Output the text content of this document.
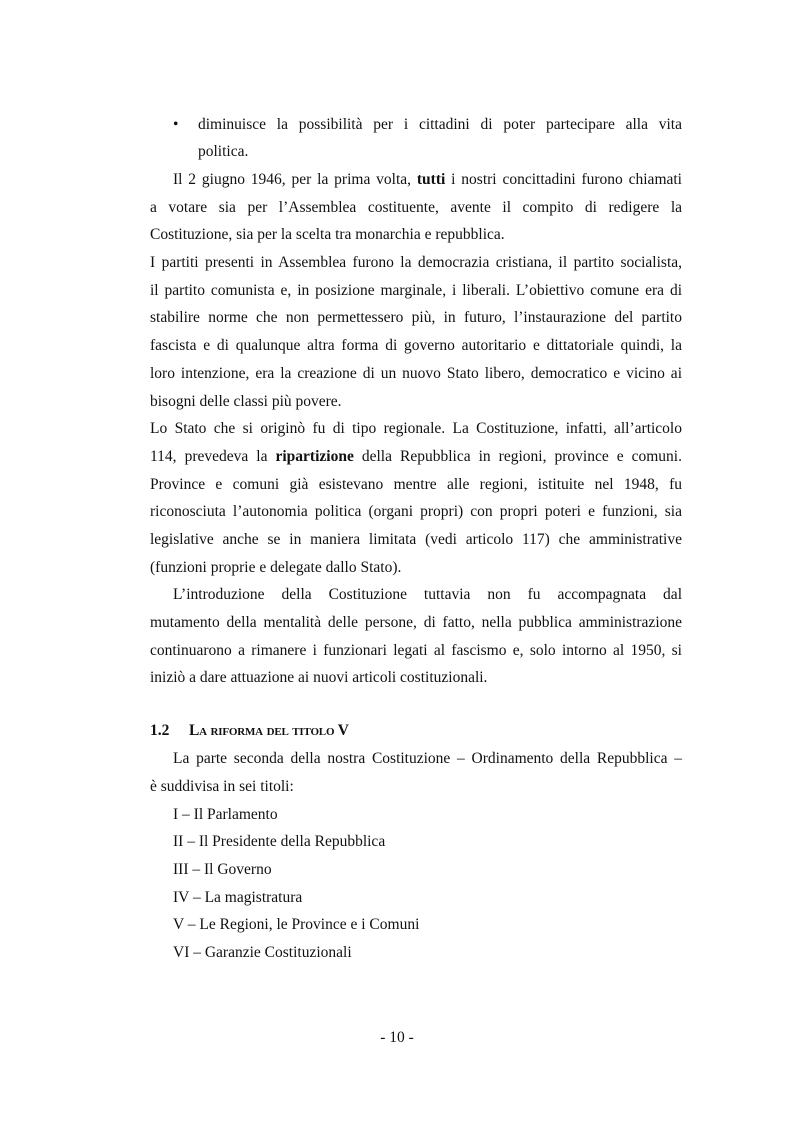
• diminuisce la possibilità per i cittadini di poter partecipare alla vita
politica.
Il 2 giugno 1946, per la prima volta, tutti i nostri concittadini furono chiamati
a votare sia per l’Assemblea costituente, avente il compito di redigere la
Costituzione, sia per la scelta tra monarchia e repubblica.
I partiti presenti in Assemblea furono la democrazia cristiana, il partito socialista,
il partito comunista e, in posizione marginale, i liberali. L’obiettivo comune era di
stabilire norme che non permettessero più, in futuro, l’instaurazione del partito
fascista e di qualunque altra forma di governo autoritario e dittatoriale quindi, la
loro intenzione, era la creazione di un nuovo Stato libero, democratico e vicino ai
bisogni delle classi più povere.
Lo Stato che si originò fu di tipo regionale. La Costituzione, infatti, all’articolo
114, prevedeva la ripartizione della Repubblica in regioni, province e comuni.
Province e comuni già esistevano mentre alle regioni, istituite nel 1948, fu
riconosciuta l’autonomia politica (organi propri) con propri poteri e funzioni, sia
legislative anche se in maniera limitata (vedi articolo 117) che amministrative
(funzioni proprie e delegate dallo Stato).
L’introduzione della Costituzione tuttavia non fu accompagnata dal
mutamento della mentalità delle persone, di fatto, nella pubblica amministrazione
continuarono a rimanere i funzionari legati al fascismo e, solo intorno al 1950, si
iniziò a dare attuazione ai nuovi articoli costituzionali.
1.2 La riforma del titolo V
La parte seconda della nostra Costituzione – Ordinamento della Repubblica –
è suddivisa in sei titoli:
I – Il Parlamento
II – Il Presidente della Repubblica
III – Il Governo
IV – La magistratura
V – Le Regioni, le Province e i Comuni
VI – Garanzie Costituzionali
- 10 -
